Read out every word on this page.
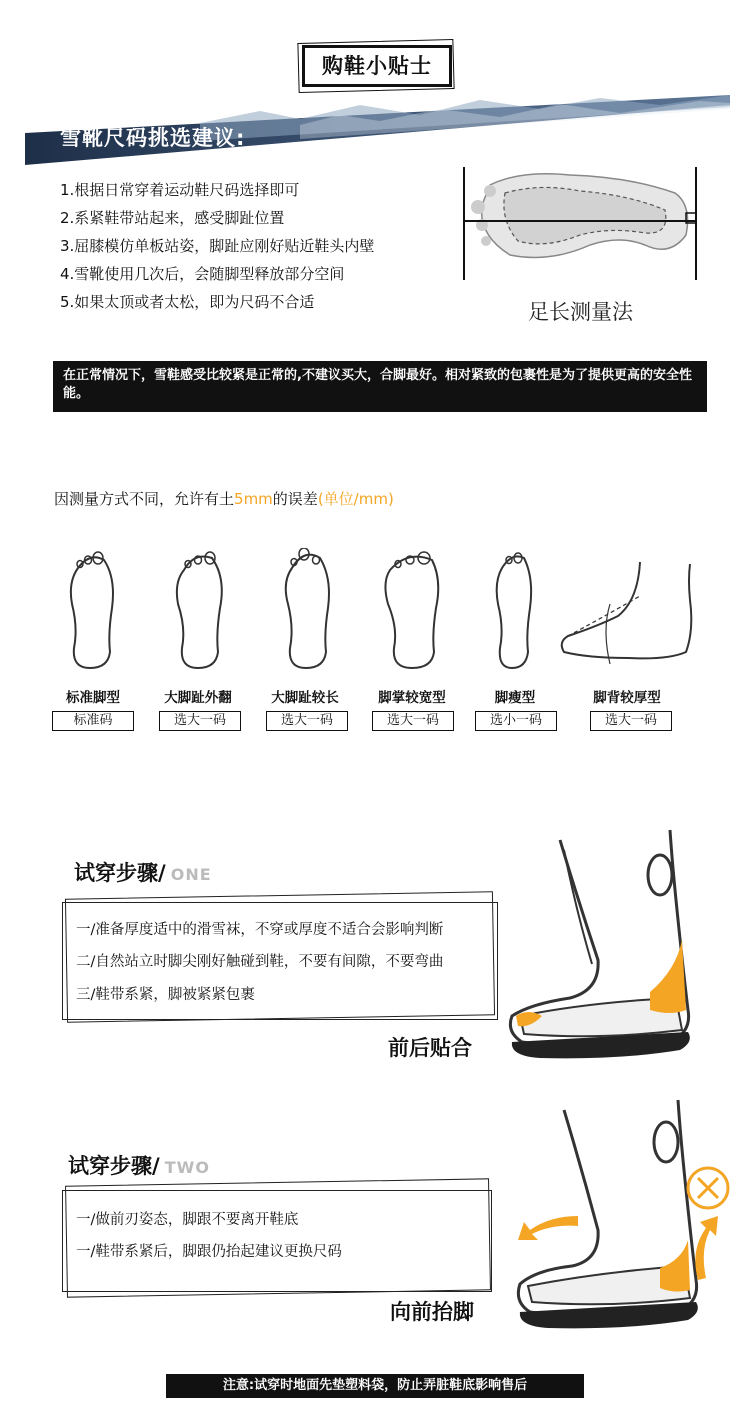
购鞋小贴士
雪靴尺码挑选建议:
1.根据日常穿着运动鞋尺码选择即可
2.系紧鞋带站起来，感受脚趾位置
3.屈膝模仿单板站姿，脚趾应刚好贴近鞋头内壁
4.雪靴使用几次后，会随脚型释放部分空间
5.如果太顶或者太松，即为尺码不合适	足长测量法
在正常情况下，雪鞋感受比较紧是正常的,不建议买大，合脚最好。相对紧致的包裹性是为了提供更高的安全性能。
因测量方式不同，允许有土5mm的误差(单位/mm)
标准脚型	大脚趾外翻	大脚趾较长	脚掌较宽型	脚瘦型	脚背较厚型
标准码	选大一码	选大一码	选大一码	选小一码	选大一码
试穿步骤/ ONE
一/准备厚度适中的滑雪袜，不穿或厚度不适合会影响判断
二/自然站立时脚尖刚好触碰到鞋，不要有间隙，不要弯曲
三/鞋带系紧，脚被紧紧包裹
前后贴合
试穿步骤/ TWO
一/做前刃姿态，脚跟不要离开鞋底
一/鞋带系紧后，脚跟仍抬起建议更换尺码
向前抬脚
注意:试穿时地面先垫塑料袋，防止弄脏鞋底影响售后
